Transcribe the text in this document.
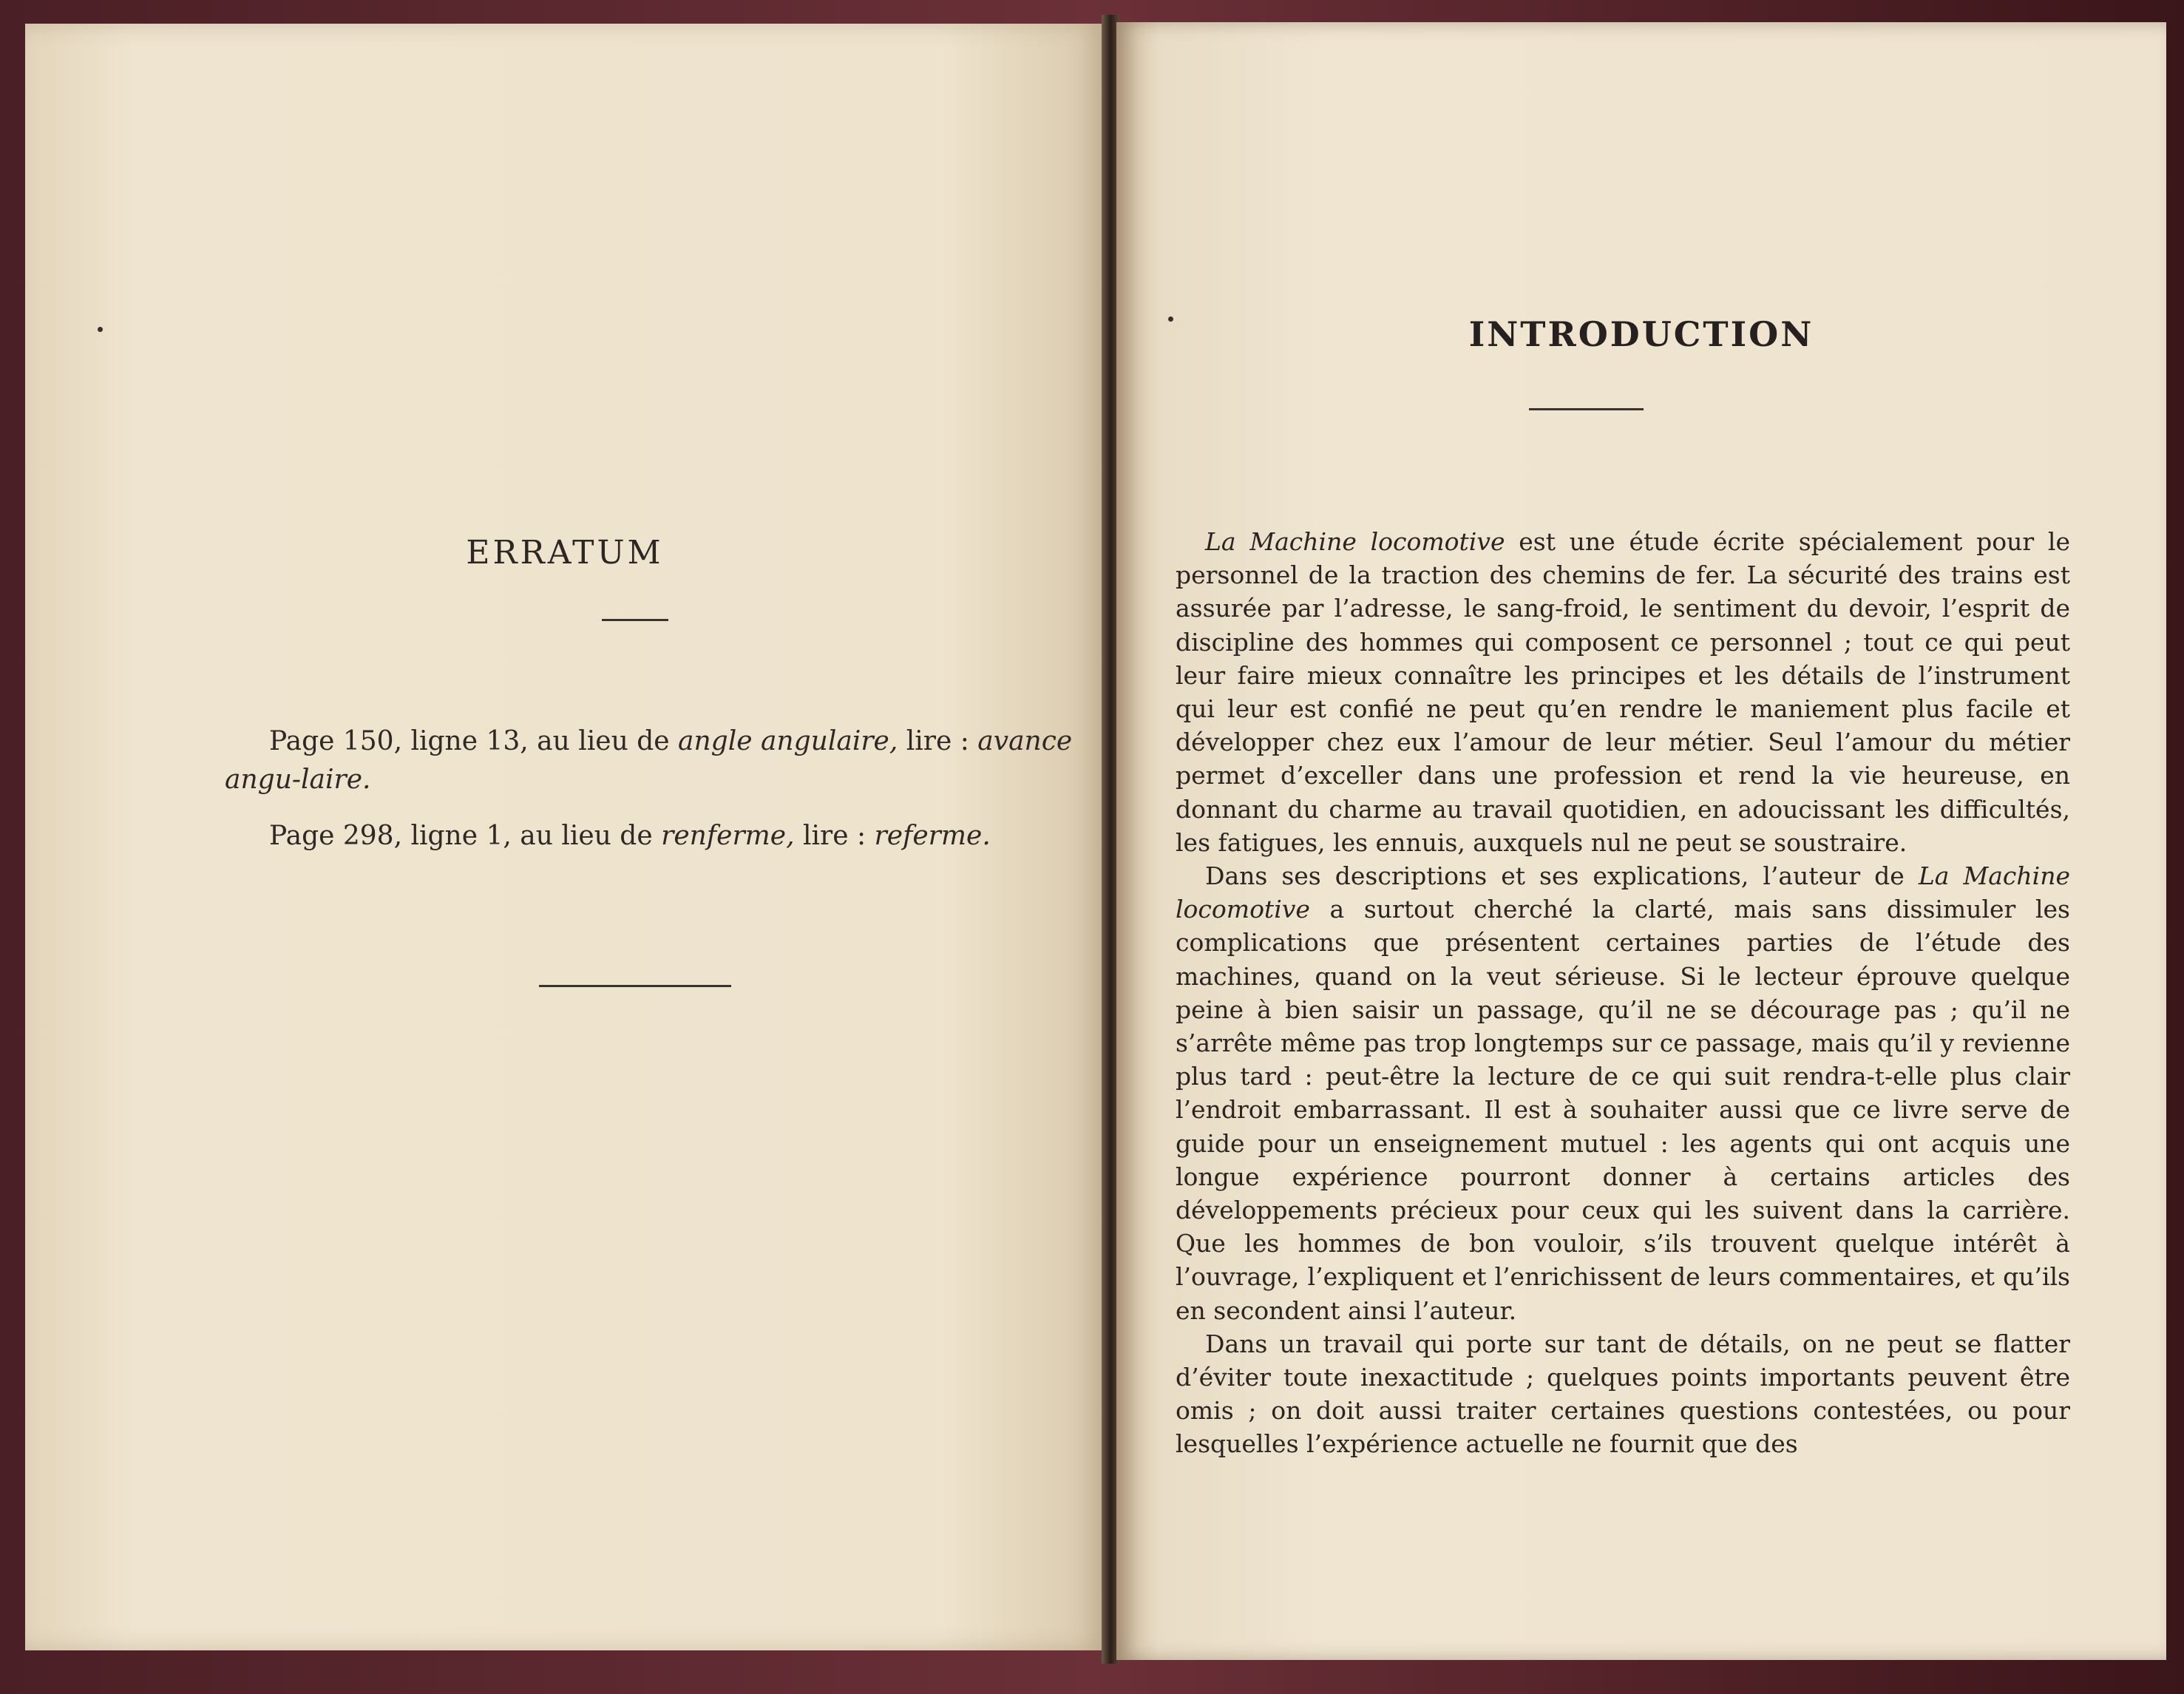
ERRATUM

Page 150, ligne 13, au lieu de angle angulaire, lire : avance angu-laire.

Page 298, ligne 1, au lieu de renferme, lire : referme.

INTRODUCTION

La Machine locomotive est une étude écrite spécialement pour le personnel de la traction des chemins de fer. La sécurité des trains est assurée par l’adresse, le sang-froid, le sentiment du devoir, l’esprit de discipline des hommes qui composent ce personnel ; tout ce qui peut leur faire mieux connaître les principes et les détails de l’instrument qui leur est confié ne peut qu’en rendre le maniement plus facile et développer chez eux l’amour de leur métier. Seul l’amour du métier permet d’exceller dans une profession et rend la vie heureuse, en donnant du charme au travail quotidien, en adoucissant les difficultés, les fatigues, les ennuis, auxquels nul ne peut se soustraire.

Dans ses descriptions et ses explications, l’auteur de La Machine locomotive a surtout cherché la clarté, mais sans dissimuler les complications que présentent certaines parties de l’étude des machines, quand on la veut sérieuse. Si le lecteur éprouve quelque peine à bien saisir un passage, qu’il ne se décourage pas ; qu’il ne s’arrête même pas trop longtemps sur ce passage, mais qu’il y revienne plus tard : peut-être la lecture de ce qui suit rendra-t-elle plus clair l’endroit embarrassant. Il est à souhaiter aussi que ce livre serve de guide pour un enseignement mutuel : les agents qui ont acquis une longue expérience pourront donner à certains articles des développements précieux pour ceux qui les suivent dans la carrière. Que les hommes de bon vouloir, s’ils trouvent quelque intérêt à l’ouvrage, l’expliquent et l’enrichissent de leurs commentaires, et qu’ils en secondent ainsi l’auteur.

Dans un travail qui porte sur tant de détails, on ne peut se flatter d’éviter toute inexactitude ; quelques points importants peuvent être omis ; on doit aussi traiter certaines questions contestées, ou pour lesquelles l’expérience actuelle ne fournit que des
